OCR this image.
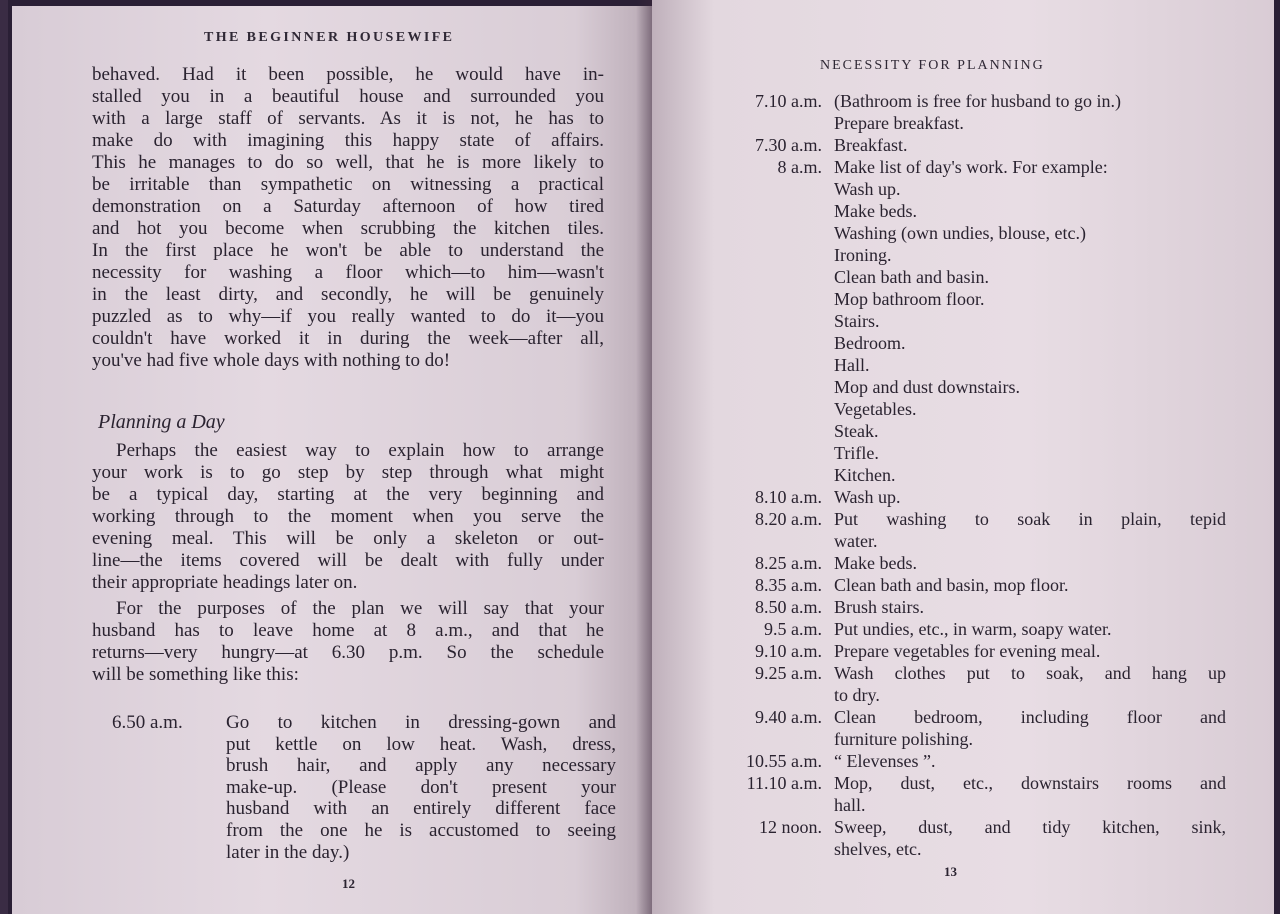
THE BEGINNER HOUSEWIFE
behaved. Had it been possible, he would have in-
stalled you in a beautiful house and surrounded you
with a large staff of servants. As it is not, he has to
make do with imagining this happy state of affairs.
This he manages to do so well, that he is more likely to
be irritable than sympathetic on witnessing a practical
demonstration on a Saturday afternoon of how tired
and hot you become when scrubbing the kitchen tiles.
In the first place he won't be able to understand the
necessity for washing a floor which—to him—wasn't
in the least dirty, and secondly, he will be genuinely
puzzled as to why—if you really wanted to do it—you
couldn't have worked it in during the week—after all,
you've had five whole days with nothing to do!
Planning a Day
Perhaps the easiest way to explain how to arrange
your work is to go step by step through what might
be a typical day, starting at the very beginning and
working through to the moment when you serve the
evening meal. This will be only a skeleton or out-
line—the items covered will be dealt with fully under
their appropriate headings later on.
For the purposes of the plan we will say that your
husband has to leave home at 8 a.m., and that he
returns—very hungry—at 6.30 p.m. So the schedule
will be something like this:
6.50 a.m. Go to kitchen in dressing-gown and
put kettle on low heat. Wash, dress,
brush hair, and apply any necessary
make-up. (Please don't present your
husband with an entirely different face
from the one he is accustomed to seeing
later in the day.)
12
NECESSITY FOR PLANNING
7.10 a.m. (Bathroom is free for husband to go in.)
Prepare breakfast.
7.30 a.m. Breakfast.
8 a.m. Make list of day's work. For example:
Wash up.
Make beds.
Washing (own undies, blouse, etc.)
Ironing.
Clean bath and basin.
Mop bathroom floor.
Stairs.
Bedroom.
Hall.
Mop and dust downstairs.
Vegetables.
Steak.
Trifle.
Kitchen.
8.10 a.m. Wash up.
8.20 a.m. Put washing to soak in plain, tepid
water.
8.25 a.m. Make beds.
8.35 a.m. Clean bath and basin, mop floor.
8.50 a.m. Brush stairs.
9.5 a.m. Put undies, etc., in warm, soapy water.
9.10 a.m. Prepare vegetables for evening meal.
9.25 a.m. Wash clothes put to soak, and hang up
to dry.
9.40 a.m. Clean bedroom, including floor and
furniture polishing.
10.55 a.m. “ Elevenses ”.
11.10 a.m. Mop, dust, etc., downstairs rooms and
hall.
12 noon. Sweep, dust, and tidy kitchen, sink,
shelves, etc.
13
